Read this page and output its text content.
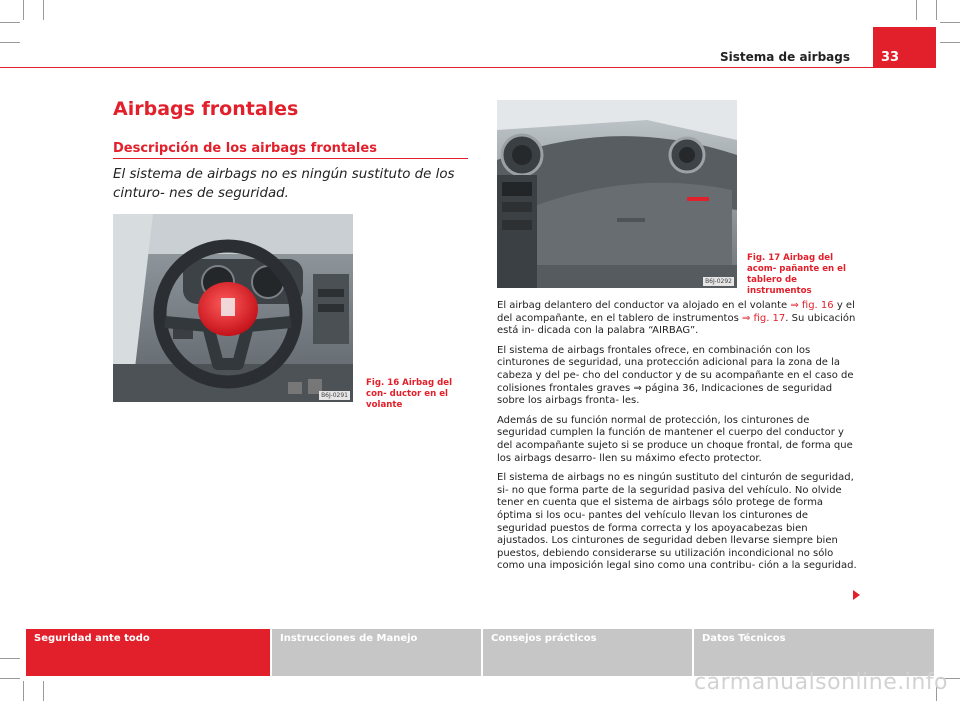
Sistema de airbags	33
Airbags frontales
Descripción de los airbags frontales

El sistema de airbags no es ningún sustituto de los cinturo- nes de seguridad.

B6J-0291
Fig. 16 Airbag del con- ductor en el volante
B6J-0292
Fig. 17 Airbag del acom- pañante en el tablero de instrumentos

El airbag delantero del conductor va alojado en el volante ⇒ fig. 16 y el del acompañante, en el tablero de instrumentos ⇒ fig. 17. Su ubicación está in- dicada con la palabra “AIRBAG”.

El sistema de airbags frontales ofrece, en combinación con los cinturones de seguridad, una protección adicional para la zona de la cabeza y del pe- cho del conductor y de su acompañante en el caso de colisiones frontales graves ⇒ página 36, Indicaciones de seguridad sobre los airbags fronta- les.

Además de su función normal de protección, los cinturones de seguridad cumplen la función de mantener el cuerpo del conductor y del acompañante sujeto si se produce un choque frontal, de forma que los airbags desarro- llen su máximo efecto protector.

El sistema de airbags no es ningún sustituto del cinturón de seguridad, si- no que forma parte de la seguridad pasiva del vehículo. No olvide tener en cuenta que el sistema de airbags sólo protege de forma óptima si los ocu- pantes del vehículo llevan los cinturones de seguridad puestos de forma correcta y los apoyacabezas bien ajustados. Los cinturones de seguridad deben llevarse siempre bien puestos, debiendo considerarse su utilización incondicional no sólo como una imposición legal sino como una contribu- ción a la seguridad.

Seguridad ante todo	Instrucciones de Manejo	Consejos prácticos	Datos Técnicos
carmanualsonline.info
